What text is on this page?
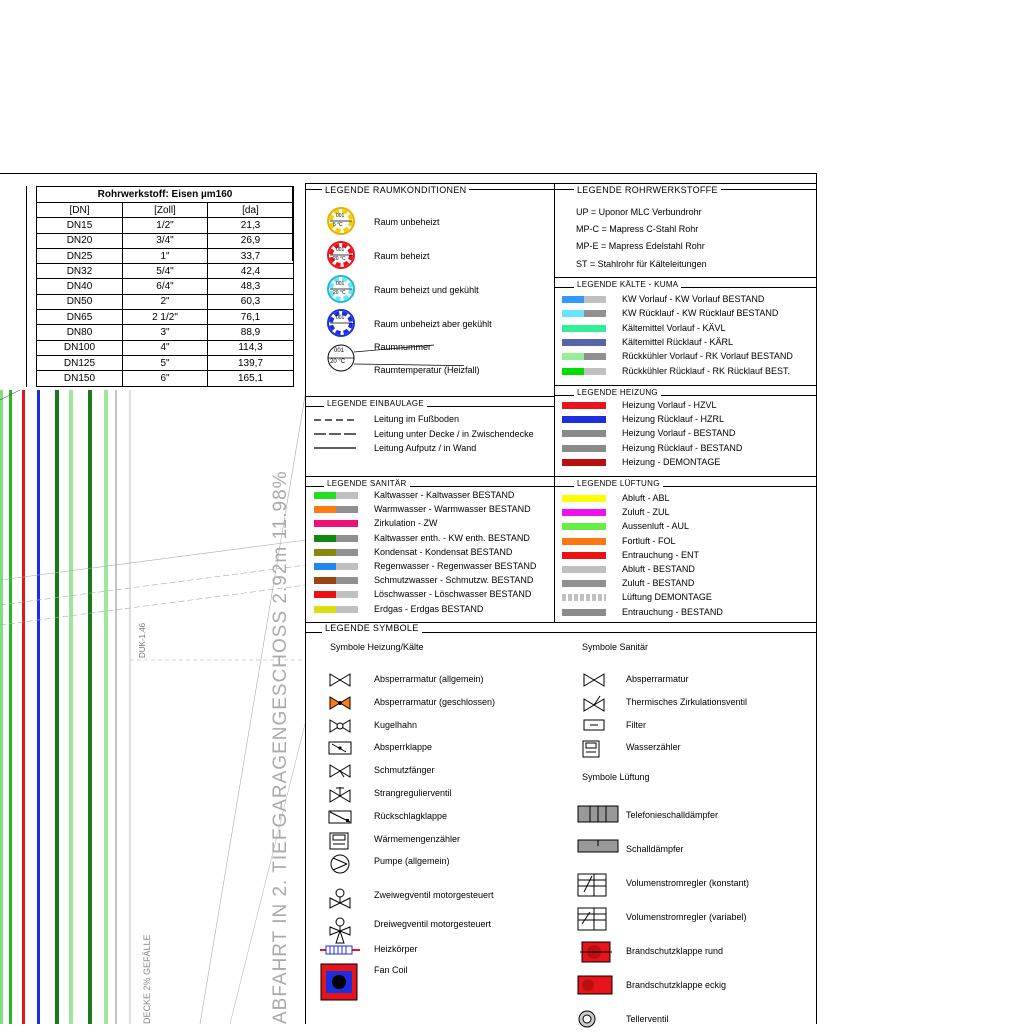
ABFAHRT IN 2. TIEFGARAGENGESCHOSS 2.92m 11.98%
DUK-1.46
DECKE 2% GEFÄLLE
Rohrwerkstoff: Eisen µm160		
[DN]	[Zoll]	[da]
DN15	1/2"	21,3
DN20	3/4"	26,9
DN25	1"	33,7
DN32	5/4"	42,4
DN40	6/4"	48,3
DN50	2"	60,3
DN65	2 1/2"	76,1
DN80	3"	88,9
DN100	4"	114,3
DN125	5"	139,7
DN150	6"	165,1
LEGENDE RAUMKONDITIONEN
001
5 °C	Raum unbeheizt
001
20 °C	Raum beheizt
001
20 °C	Raum beheizt und gekühlt
001
Raum unbeheizt aber gekühlt
Raumnummer
Raumtemperatur (Heizfall)
001
20 °C
LEGENDE ROHRWERKSTOFFE
UP = Uponor MLC Verbundrohr
MP-C = Mapress C-Stahl Rohr
MP-E = Mapress Edelstahl Rohr
ST = Stahlrohr für Kälteleitungen
LEGENDE KÄLTE - KUMA
KW Vorlauf - KW Vorlauf BESTAND
KW Rücklauf - KW Rücklauf BESTAND
Kältemittel Vorlauf - KÄVL
Kältemittel Rücklauf - KÄRL
Rückkühler Vorlauf - RK Vorlauf BESTAND
Rückkühler Rücklauf - RK Rücklauf BEST.
LEGENDE EINBAULAGE
Leitung im Fußboden
Leitung unter Decke / in Zwischendecke
Leitung Aufputz / in Wand
LEGENDE HEIZUNG
Heizung Vorlauf - HZVL
Heizung Rücklauf - HZRL
Heizung Vorlauf - BESTAND
Heizung Rücklauf - BESTAND
Heizung - DEMONTAGE
LEGENDE SANITÄR
Kaltwasser - Kaltwasser BESTAND
Warmwasser - Warmwasser BESTAND
Zirkulation - ZW
Kaltwasser enth. - KW enth. BESTAND
Kondensat - Kondensat BESTAND
Regenwasser - Regenwasser BESTAND
Schmutzwasser - Schmutzw. BESTAND
Löschwasser - Löschwasser BESTAND
Erdgas - Erdgas BESTAND
LEGENDE LÜFTUNG
Abluft - ABL
Zuluft - ZUL
Aussenluft - AUL
Fortluft - FOL
Entrauchung - ENT
Abluft - BESTAND
Zuluft - BESTAND
Lüftung DEMONTAGE
Entrauchung - BESTAND
LEGENDE SYMBOLE
Symbole Heizung/Kälte	Symbole Sanitär
Symbole Lüftung
Absperrarmatur (allgemein)
Absperrarmatur (geschlossen)
Kugelhahn
Absperrklappe
Schmutzfänger
Strangregulierventil
Rückschlagklappe
Wärmemengenzähler
Pumpe (allgemein)
Zweiwegventil motorgesteuert
Dreiwegventil motorgesteuert
Heizkörper
Fan Coil
Absperrarmatur
Thermisches Zirkulationsventil
Filter
Wasserzähler
Telefonieschalldämpfer
Schalldämpfer
Volumenstromregler (konstant)
Volumenstromregler (variabel)
Brandschutzklappe rund
Brandschutzklappe eckig
Tellerventil
